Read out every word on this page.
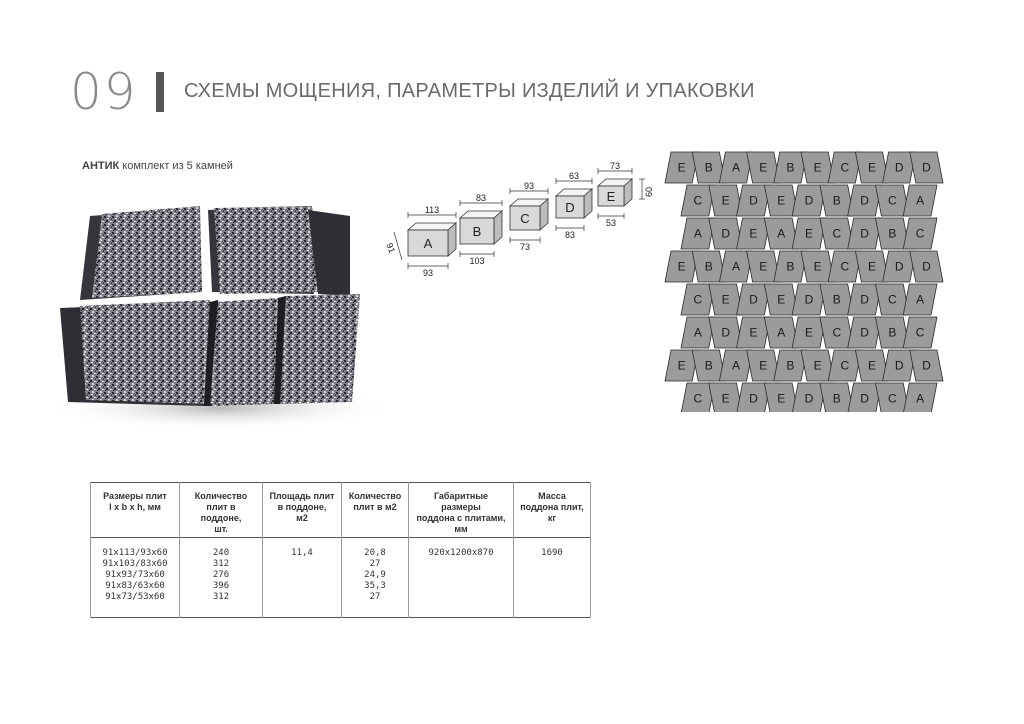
09 СХЕМЫ МОЩЕНИЯ, ПАРАМЕТРЫ ИЗДЕЛИЙ И УПАКОВКИ
АНТИК комплект из 5 камней
A
113
93
B
83
103
C
93
73
D
63
83
E
73
53
91
60
E B A E B E C E D D
C E D E D B D C A
A D E A E C D B C
E B A E B E C E D D
C E D E D B D C A
A D E A E C D B C
E B A E B E C E D D
C E D E D B D C A
Размеры плит
l x b x h, мм	Количество
плит в поддоне,
шт.	Площадь плит
в поддоне,
м2	Количество
плит в м2	Габаритные размеры
поддона с плитами,
мм	Масса
поддона плит,
кг

91x113/93x60
91x103/83x60
91x93/73x60
91x83/63x60
91x73/53x60	240
312
276
396
312	11,4	20,8
27
24,9
35,3
27	920x1200x870	1690
